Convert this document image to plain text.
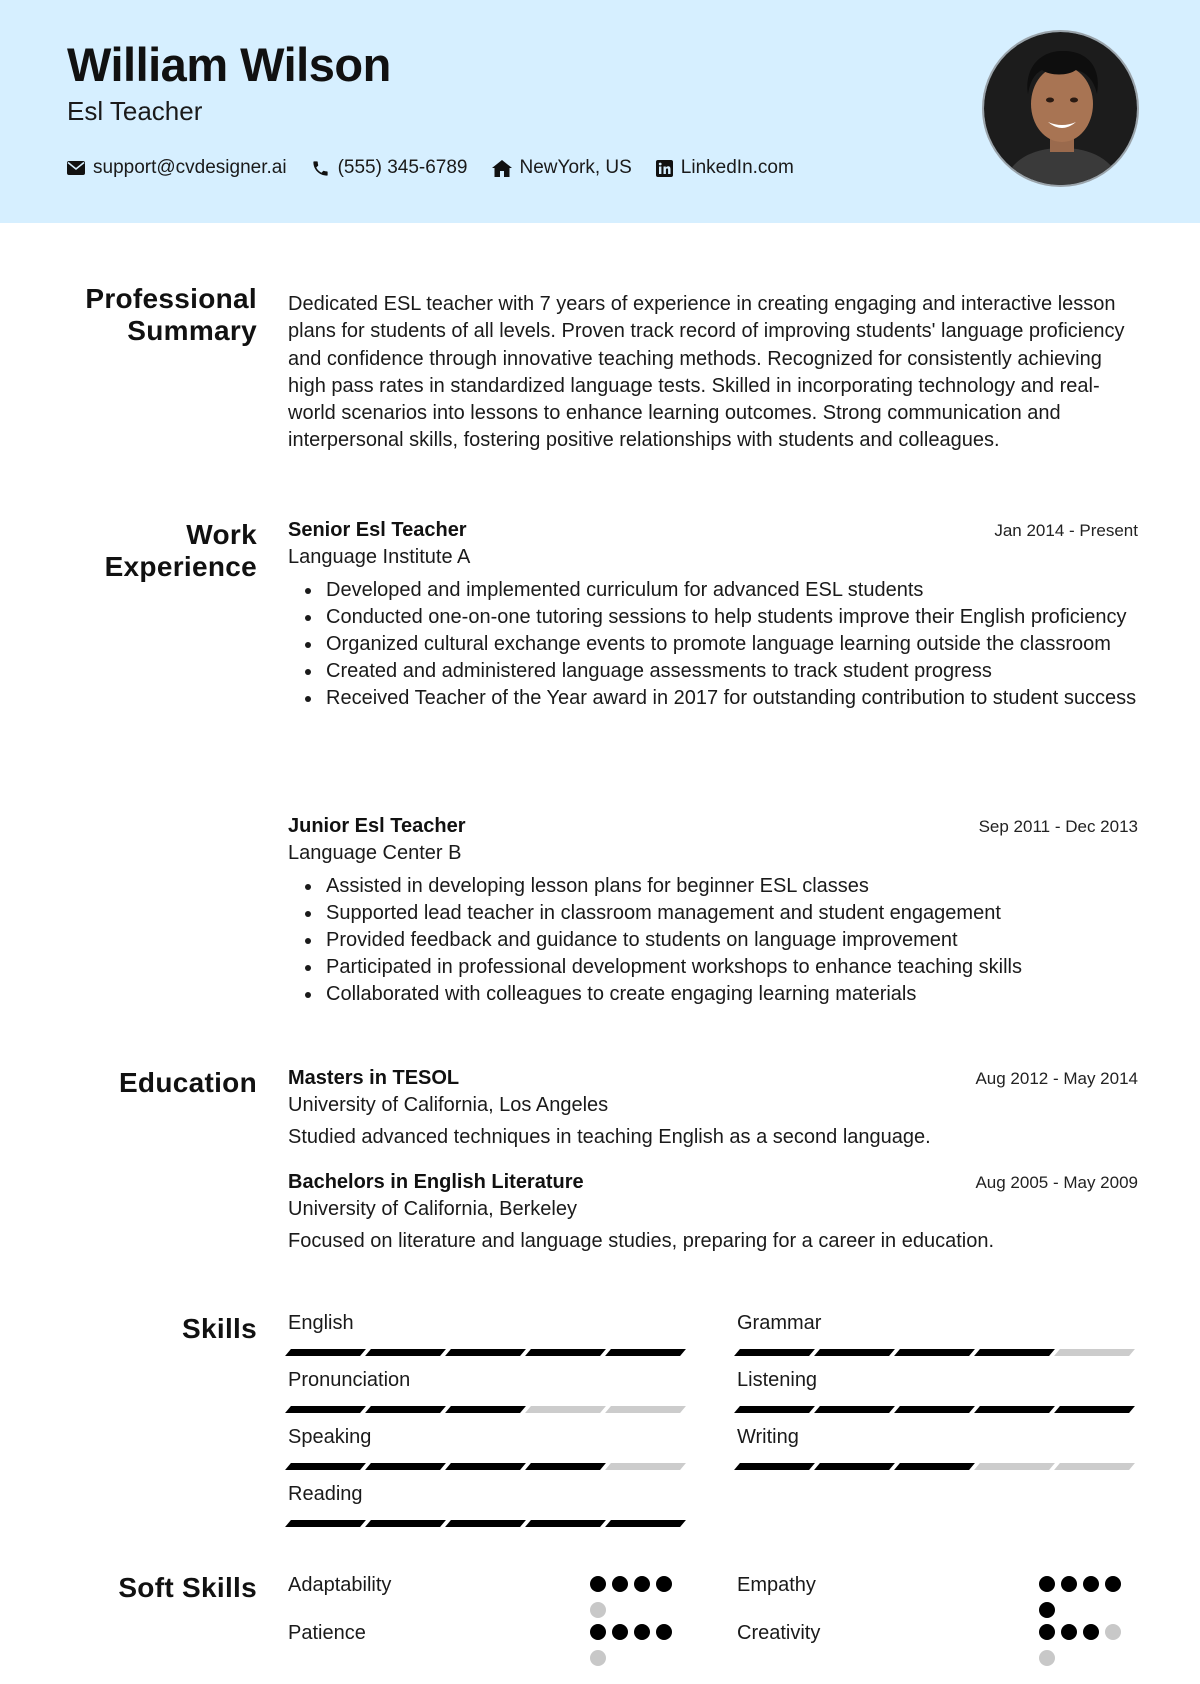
William Wilson
Esl Teacher
support@cvdesigner.ai	(555) 345-6789	NewYork, US	LinkedIn.com
Professional Summary

Dedicated ESL teacher with 7 years of experience in creating engaging and interactive lesson plans for students of all levels. Proven track record of improving students' language proficiency and confidence through innovative teaching methods. Recognized for consistently achieving high pass rates in standardized language tests. Skilled in incorporating technology and real-world scenarios into lessons to enhance learning outcomes. Strong communication and interpersonal skills, fostering positive relationships with students and colleagues.

Work Experience
Senior Esl Teacher	Jan 2014 - Present
Language Institute A
Developed and implemented curriculum for advanced ESL students
Conducted one-on-one tutoring sessions to help students improve their English proficiency
Organized cultural exchange events to promote language learning outside the classroom
Created and administered language assessments to track student progress
Received Teacher of the Year award in 2017 for outstanding contribution to student success
Junior Esl Teacher	Sep 2011 - Dec 2013
Language Center B
Assisted in developing lesson plans for beginner ESL classes
Supported lead teacher in classroom management and student engagement
Provided feedback and guidance to students on language improvement
Participated in professional development workshops to enhance teaching skills
Collaborated with colleagues to create engaging learning materials
Education Masters in TESOL	Aug 2012 - May 2014
University of California, Los Angeles
Studied advanced techniques in teaching English as a second language.
Bachelors in English Literature	Aug 2005 - May 2009
University of California, Berkeley
Focused on literature and language studies, preparing for a career in education.
Skills English	Grammar
Pronunciation	Listening
Speaking	Writing
Reading
Soft Skills Adaptability	Empathy
Patience	Creativity
